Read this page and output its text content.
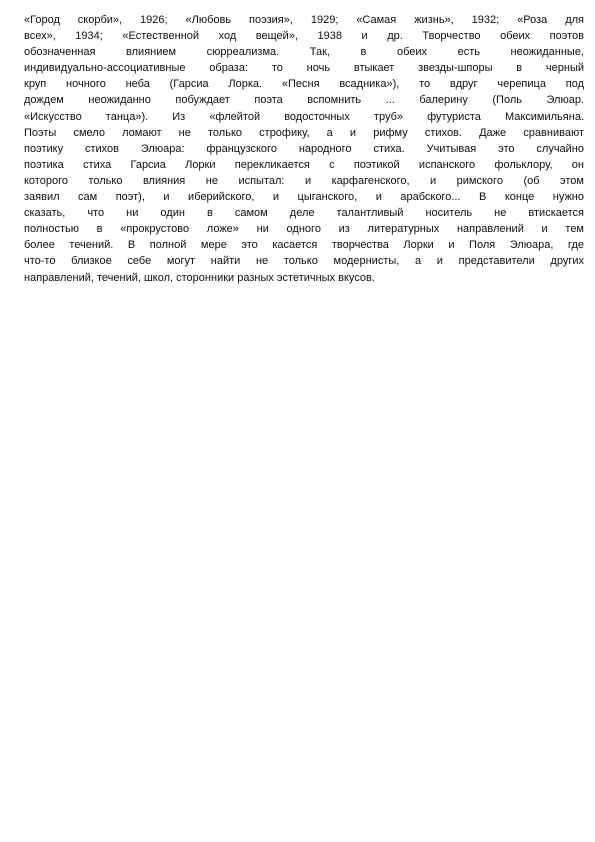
«Город скорби», 1926; «Любовь поэзия», 1929; «Самая жизнь», 1932; «Роза для
всех», 1934; «Естественной ход вещей», 1938 и др. Творчество обеих поэтов
обозначенная влиянием сюрреализма. Так, в обеих есть неожиданные,
индивидуально-ассоциативные образа: то ночь втыкает звезды-шпоры в черный
круп ночного неба (Гарсиа Лорка. «Песня всадника»), то вдруг черепица под
дождем неожиданно побуждает поэта вспомнить ... балерину (Поль Элюар.
«Искусство танца»). Из «флейтой водосточных труб» футуриста Максимильяна.
Поэты смело ломают не только строфику, а и рифму стихов. Даже сравнивают
поэтику стихов Элюара: французского народного стиха. Учитывая это случайно
поэтика стиха Гарсиа Лорки перекликается с поэтикой испанского фольклору, он
которого только влияния не испытал: и карфагенского, и римского (об этом
заявил сам поэт), и иберийского, и цыганского, и арабского... В конце нужно
сказать, что ни один в самом деле талантливый носитель не втискается
полностью в «прокрустово ложе» ни одного из литературных направлений и тем
более течений. В полной мере это касается творчества Лорки и Поля Элюара, где
что-то близкое себе могут найти не только модернисты, а и представители других
направлений, течений, школ, сторонники разных эстетичных вкусов.
